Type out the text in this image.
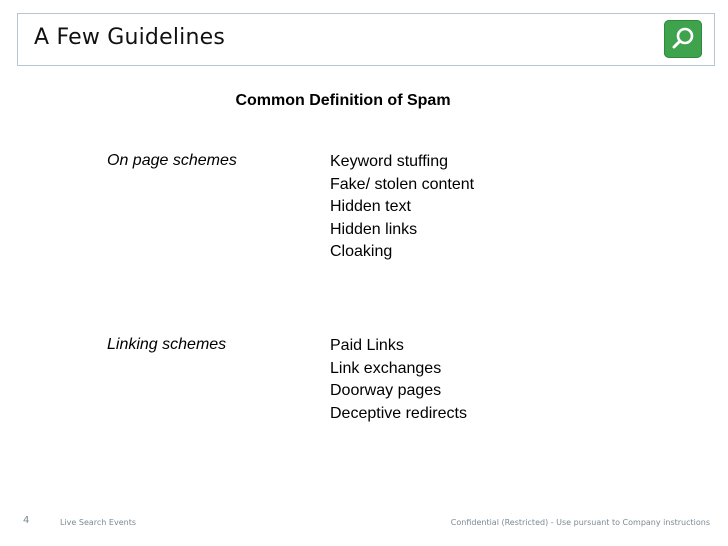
A Few Guidelines
Common Definition of Spam
On page schemes	Keyword stuffing
Fake/ stolen content
Hidden text
Hidden links
Cloaking
Linking schemes	Paid Links
Link exchanges
Doorway pages
Deceptive redirects
4	Live Search Events	Confidential (Restricted) - Use pursuant to Company instructions
